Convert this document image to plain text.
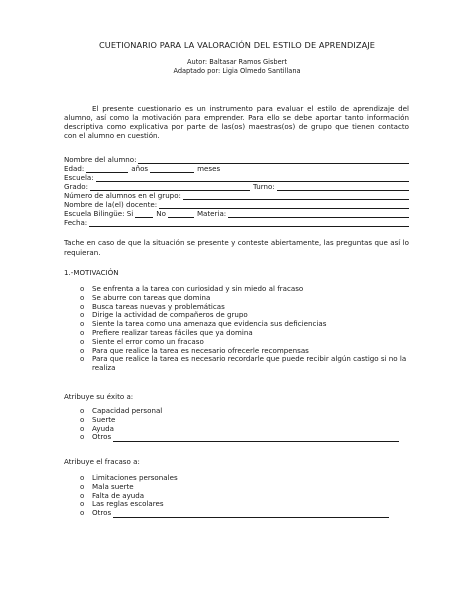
CUETIONARIO PARA LA VALORACIÓN DEL ESTILO DE APRENDIZAJE
Autor: Baltasar Ramos Gisbert
Adaptado por: Ligia Olmedo Santillana
El presente cuestionario es un instrumento para evaluar el estilo de aprendizaje del alumno, así como la motivación para emprender. Para ello se debe aportar tanto información descriptiva como explicativa por parte de las(os) maestras(os) de grupo que tienen contacto con el alumno en cuestión.
Nombre del alumno:
Edad:	años	meses
Escuela:
Grado:	Turno:
Número de alumnos en el grupo:
Nombre de la(el) docente:
Escuela Bilingüe: Si	No	Materia:
Fecha:
Tache en caso de que la situación se presente y conteste abiertamente, las preguntas que así lo requieran.
1.-MOTIVACIÓN
o Se enfrenta a la tarea con curiosidad y sin miedo al fracaso
o Se aburre con tareas que domina
o Busca tareas nuevas y problemáticas
o Dirige la actividad de compañeros de grupo
o Siente la tarea como una amenaza que evidencia sus deficiencias
o Prefiere realizar tareas fáciles que ya domina
o Siente el error como un fracaso
o Para que realice la tarea es necesario ofrecerle recompensas
o Para que realice la tarea es necesario recordarle que puede recibir algún castigo si no la realiza
Atribuye su éxito a:
o Capacidad personal
o Suerte
o Ayuda
o Otros
Atribuye el fracaso a:
o Limitaciones personales
o Mala suerte
o Falta de ayuda
o Las reglas escolares
o Otros
